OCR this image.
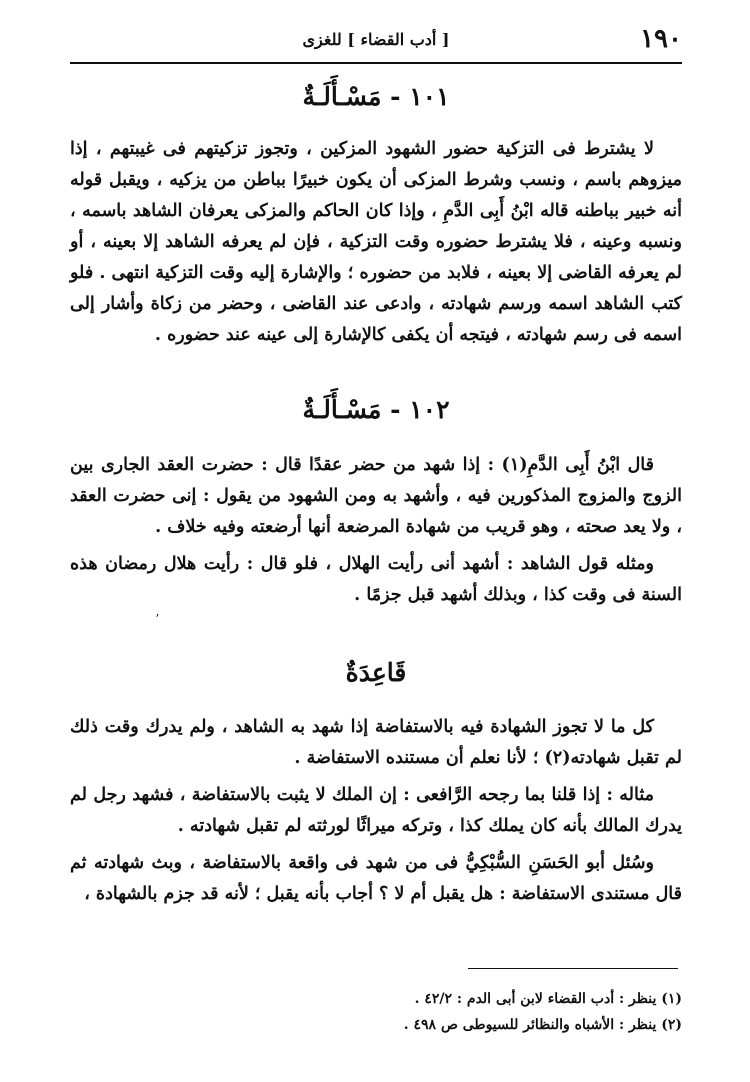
١٩٠
[ أدب القضاء ] للغزى
١٠١ - مَسْـأَلَـةٌ

لا يشترط فى التزكية حضور الشهود المزكين ، وتجوز تزكيتهم فى غيبتهم ، إذا ميزوهم باسم ، ونسب وشرط المزكى أن يكون خبيرًا بباطن من يزكيه ، ويقبل قوله أنه خبير بباطنه قاله ابْنُ أَبِى الدَّمِ ، وإذا كان الحاكم والمزكى يعرفان الشاهد باسمه ، ونسبه وعينه ، فلا يشترط حضوره وقت التزكية ، فإن لم يعرفه الشاهد إلا بعينه ، أو لم يعرفه القاضى إلا بعينه ، فلابد من حضوره ؛ والإشارة إليه وقت التزكية انتهى . فلو كتب الشاهد اسمه ورسم شهادته ، وادعى عند القاضى ، وحضر من زكاة وأشار إلى اسمه فى رسم شهادته ، فيتجه أن يكفى كالإشارة إلى عينه عند حضوره .

١٠٢ - مَسْـأَلَـةٌ

قال ابْنُ أَبِى الدَّمِ(١) : إذا شهد من حضر عقدًا قال : حضرت العقد الجارى بين الزوج والمزوج المذكورين فيه ، وأشهد به ومن الشهود من يقول : إنى حضرت العقد ، ولا يعد صحته ، وهو قريب من شهادة المرضعة أنها أرضعته وفيه خلاف .

ومثله قول الشاهد : أشهد أنى رأيت الهلال ، فلو قال : رأيت هلال رمضان هذه السنة فى وقت كذا ، وبذلك أشهد قبل جزمًا .

ʼ
قَاعِدَةٌ

كل ما لا تجوز الشهادة فيه بالاستفاضة إذا شهد به الشاهد ، ولم يدرك وقت ذلك لم تقبل شهادته(٢) ؛ لأنا نعلم أن مستنده الاستفاضة .

مثاله : إذا قلنا بما رجحه الرَّافعى : إن الملك لا يثبت بالاستفاضة ، فشهد رجل لم يدرك المالك بأنه كان يملك كذا ، وتركه ميراثًا لورثته لم تقبل شهادته .

وسُئل أبو الحَسَنِ السُّبْكِيُّ فى من شهد فى واقعة بالاستفاضة ، وبث شهادته ثم قال مستندى الاستفاضة : هل يقبل أم لا ؟ أجاب بأنه يقبل ؛ لأنه قد جزم بالشهادة ،

(١) ينظر : أدب القضاء لابن أبى الدم : ٤٢/٢ .
(٢) ينظر : الأشباه والنظائر للسيوطى ص ٤٩٨ .
